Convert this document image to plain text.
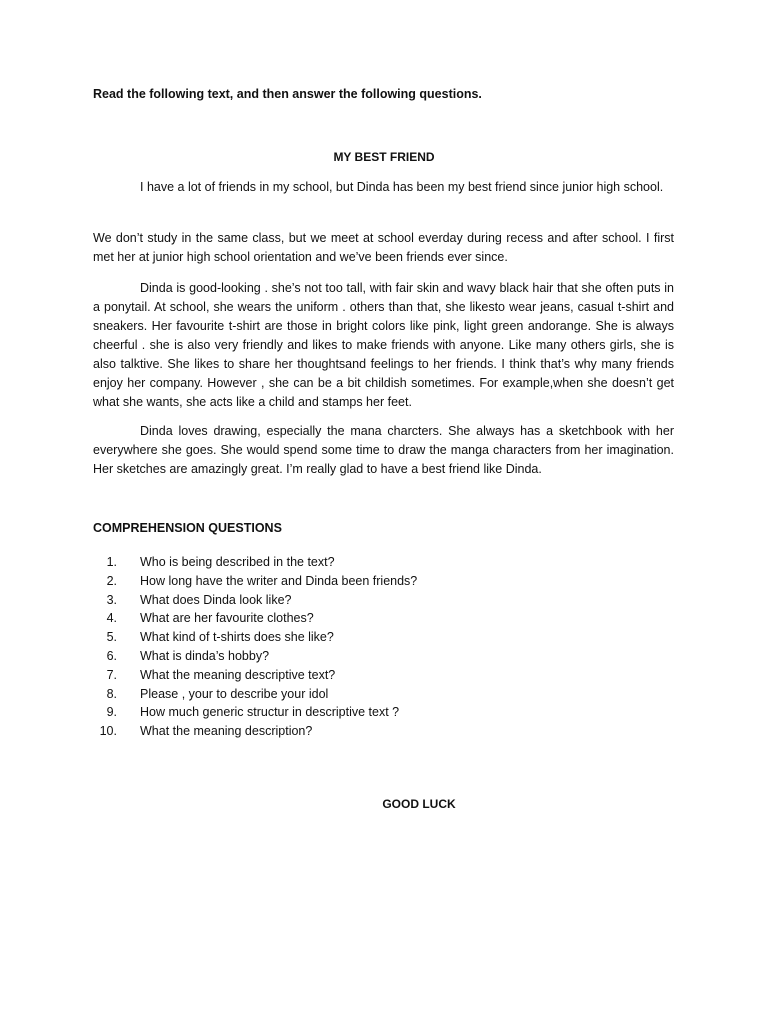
Read the following text, and then answer the following questions.
MY BEST FRIEND

I have a lot of friends in my school, but Dinda has been my best friend since junior high school.

We don’t study in the same class, but we meet at school everday during recess and after school. I first met her at junior high school orientation and we’ve been friends ever since.

Dinda is good-looking . she’s not too tall, with fair skin and wavy black hair that she often puts in a ponytail. At school, she wears the uniform . others than that, she likesto wear jeans, casual t-shirt and sneakers. Her favourite t-shirt are those in bright colors like pink, light green andorange. She is always cheerful . she is also very friendly and likes to make friends with anyone. Like many others girls, she is also talktive. She likes to share her thoughtsand feelings to her friends. I think that’s why many friends enjoy her company. However , she can be a bit childish sometimes. For example,when she doesn’t get what she wants, she acts like a child and stamps her feet.

Dinda loves drawing, especially the mana charcters. She always has a sketchbook with her everywhere she goes. She would spend some time to draw the manga characters from her imagination. Her sketches are amazingly great. I’m really glad to have a best friend like Dinda.

COMPREHENSION QUESTIONS
1.	Who is being described in the text?
2.	How long have the writer and Dinda been friends?
3.	What does Dinda look like?
4.	What are her favourite clothes?
5.	What kind of t-shirts does she like?
6.	What is dinda’s hobby?
7.	What the meaning descriptive text?
8.	Please , your to describe your idol
9.	How much generic structur in descriptive text ?
10.	What the meaning description?
GOOD LUCK
